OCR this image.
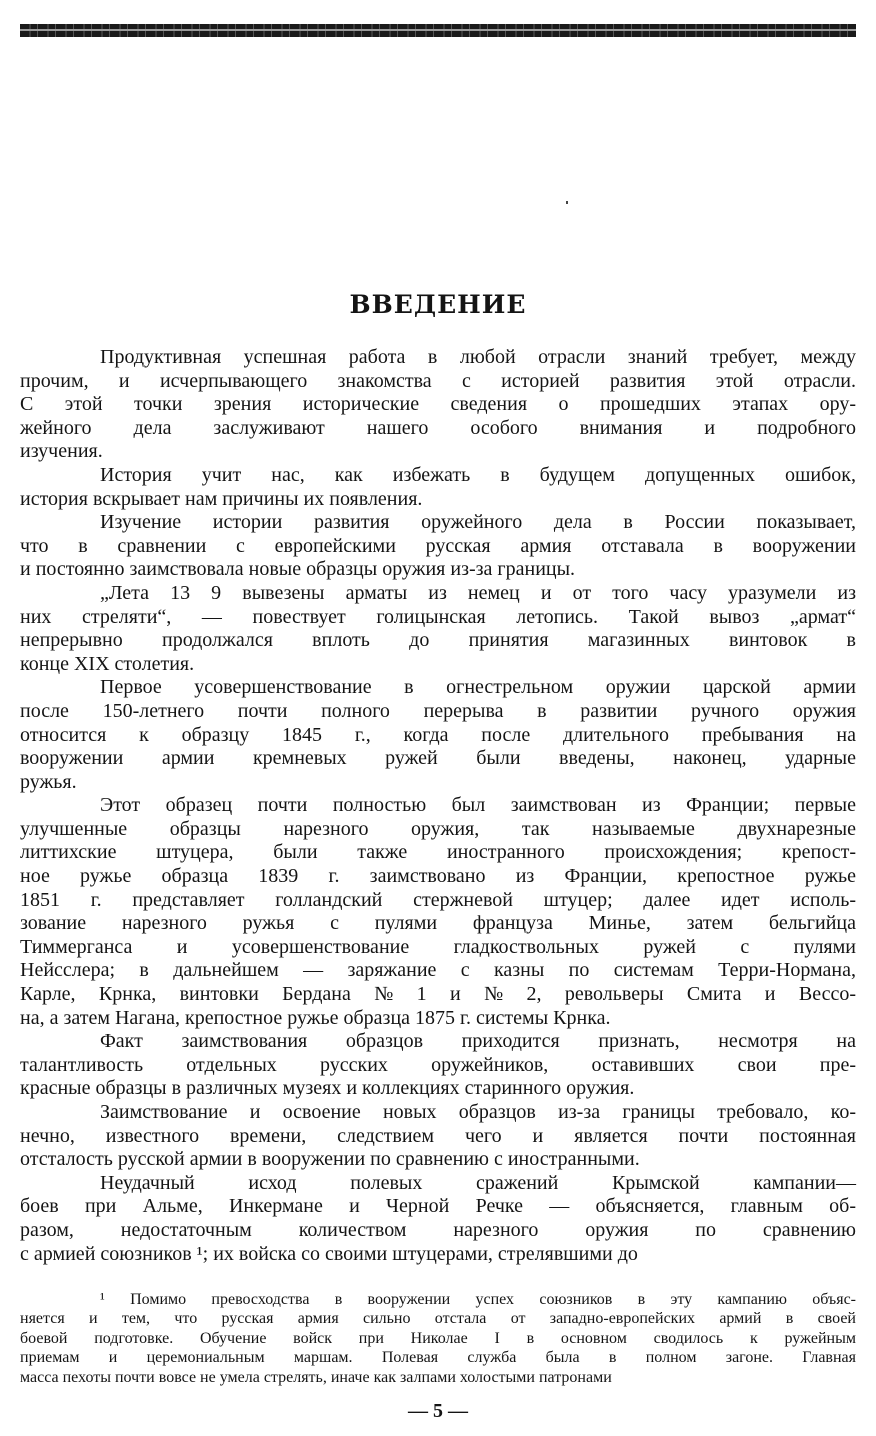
ВВЕДЕНИЕ

Продуктивная успешная работа в любой отрасли знаний требует, между

прочим, и исчерпывающего знакомства с историей развития этой отрасли.

С этой точки зрения исторические сведения о прошедших этапах ору-

жейного дела заслуживают нашего особого внимания и подробного

изучения.

История учит нас, как избежать в будущем допущенных ошибок,

история вскрывает нам причины их появления.

Изучение истории развития оружейного дела в России показывает,

что в сравнении с европейскими русская армия отставала в вооружении

и постоянно заимствовала новые образцы оружия из-за границы.

„Лета 13 9 вывезены арматы из немец и от того часу уразумели из

них стреляти“, — повествует голицынская летопись. Такой вывоз „армат“

непрерывно продолжался вплоть до принятия магазинных винтовок в

конце XIX столетия.

Первое усовершенствование в огнестрельном оружии царской армии

после 150-летнего почти полного перерыва в развитии ручного оружия

относится к образцу 1845 г., когда после длительного пребывания на

вооружении армии кремневых ружей были введены, наконец, ударные

ружья.

Этот образец почти полностью был заимствован из Франции; первые

улучшенные образцы нарезного оружия, так называемые двухнарезные

литтихские штуцера, были также иностранного происхождения; крепост-

ное ружье образца 1839 г. заимствовано из Франции, крепостное ружье

1851 г. представляет голландский стержневой штуцер; далее идет исполь-

зование нарезного ружья с пулями француза Минье, затем бельгийца

Тиммерганса и усовершенствование гладкоствольных ружей с пулями

Нейсслера; в дальнейшем — заряжание с казны по системам Терри-Нормана,

Карле, Крнка, винтовки Бердана № 1 и № 2, револьверы Смита и Вессо-

на, а затем Нагана, крепостное ружье образца 1875 г. системы Крнка.

Факт заимствования образцов приходится признать, несмотря на

талантливость отдельных русских оружейников, оставивших свои пре-

красные образцы в различных музеях и коллекциях старинного оружия.

Заимствование и освоение новых образцов из-за границы требовало, ко-

нечно, известного времени, следствием чего и является почти постоянная

отсталость русской армии в вооружении по сравнению с иностранными.

Неудачный исход полевых сражений Крымской кампании—

боев при Альме, Инкермане и Черной Речке — объясняется, главным об-

разом, недостаточным количеством нарезного оружия по сравнению

с армией союзников ¹; их войска со своими штуцерами, стрелявшими до

¹ Помимо превосходства в вооружении успех союзников в эту кампанию объяс-

няется и тем, что русская армия сильно отстала от западно-европейских армий в своей

боевой подготовке. Обучение войск при Николае I в основном сводилось к ружейным

приемам и церемониальным маршам. Полевая служба была в полном загоне. Главная

масса пехоты почти вовсе не умела стрелять, иначе как залпами холостыми патронами

— 5 —
